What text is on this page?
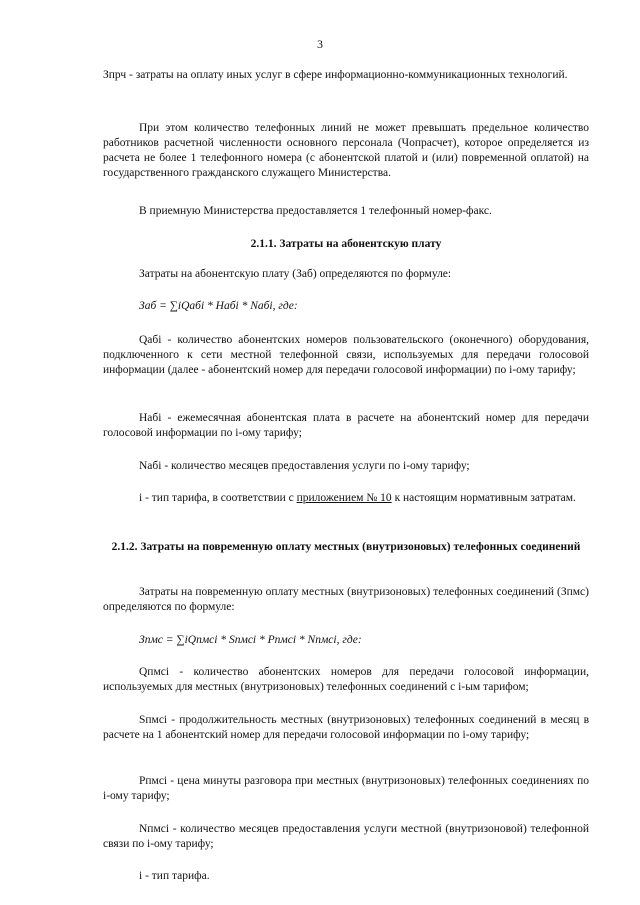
3

Зпрч - затраты на оплату иных услуг в сфере информационно-коммуникационных технологий.

При этом количество телефонных линий не может превышать предельное количество работников расчетной численности основного персонала (Чопрасчет), которое определяется из расчета не более 1 телефонного номера (с абонентской платой и (или) повременной оплатой) на государственного гражданского служащего Министерства.

В приемную Министерства предоставляется 1 телефонный номер-факс.

2.1.1. Затраты на абонентскую плату

Затраты на абонентскую плату (Заб) определяются по формуле:

Заб = ∑iQабi * Набi * Nабi, где:

Qабi - количество абонентских номеров пользовательского (оконечного) оборудования, подключенного к сети местной телефонной связи, используемых для передачи голосовой информации (далее - абонентский номер для передачи голосовой информации) по i-ому тарифу;

Набi - ежемесячная абонентская плата в расчете на абонентский номер для передачи голосовой информации по i-ому тарифу;

Nабi - количество месяцев предоставления услуги по i-ому тарифу;

i - тип тарифа, в соответствии с приложением № 10 к настоящим нормативным затратам.

2.1.2. Затраты на повременную оплату местных (внутризоновых) телефонных соединений

Затраты на повременную оплату местных (внутризоновых) телефонных соединений (Зпмс) определяются по формуле:

Зпмс = ∑iQпмсi * Sпмсi * Pпмсi * Nпмсi, где:

Qпмсi - количество абонентских номеров для передачи голосовой информации, используемых для местных (внутризоновых) телефонных соединений с i-ым тарифом;

Sпмсi - продолжительность местных (внутризоновых) телефонных соединений в месяц в расчете на 1 абонентский номер для передачи голосовой информации по i-ому тарифу;

Pпмсi - цена минуты разговора при местных (внутризоновых) телефонных соединениях по i-ому тарифу;

Nпмсi - количество месяцев предоставления услуги местной (внутризоновой) телефонной связи по i-ому тарифу;

i - тип тарифа.
